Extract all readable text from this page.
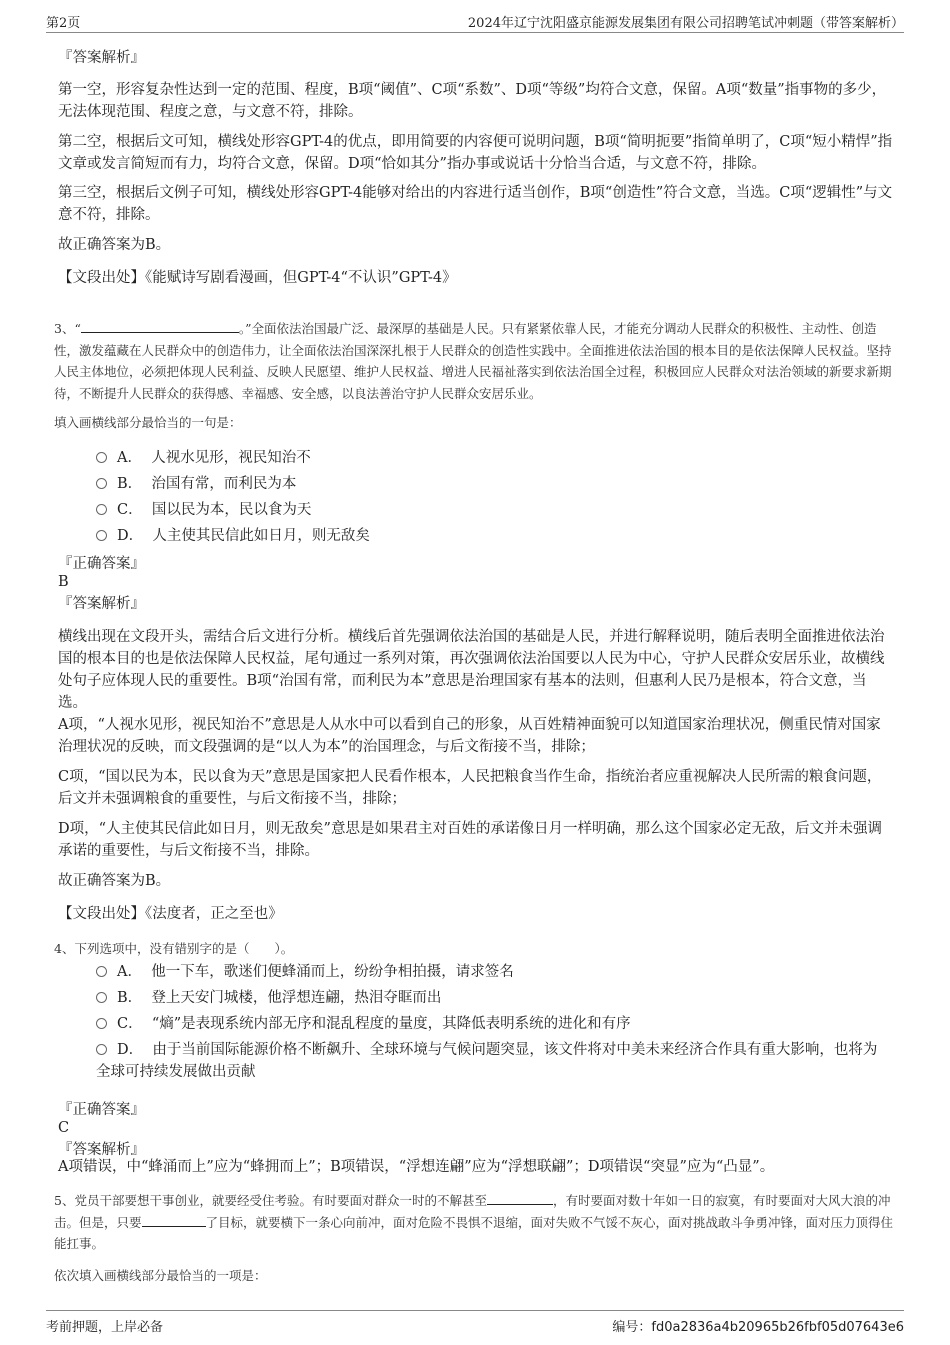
第2页	2024年辽宁沈阳盛京能源发展集团有限公司招聘笔试冲刺题（带答案解析）

『答案解析』

第一空，形容复杂性达到一定的范围、程度，B项“阈值”、C项“系数”、D项“等级”均符合文意，保留。A项“数量”指事物的多少，无法体现范围、程度之意，与文意不符，排除。

第二空，根据后文可知，横线处形容GPT-4的优点，即用简要的内容便可说明问题，B项“简明扼要”指简单明了，C项“短小精悍”指文章或发言简短而有力，均符合文意，保留。D项“恰如其分”指办事或说话十分恰当合适，与文意不符，排除。

第三空，根据后文例子可知，横线处形容GPT-4能够对给出的内容进行适当创作，B项“创造性”符合文意，当选。C项“逻辑性”与文意不符，排除。

故正确答案为B。

【文段出处】《能赋诗写剧看漫画，但GPT-4“不认识”GPT-4》

3、“	。”全面依法治国最广泛、最深厚的基础是人民。只有紧紧依靠人民，才能充分调动人民群众的积极性、主动性、创造性，激发蕴藏在人民群众中的创造伟力，让全面依法治国深深扎根于人民群众的创造性实践中。全面推进依法治国的根本目的是依法保障人民权益。坚持人民主体地位，必须把体现人民利益、反映人民愿望、维护人民权益、增进人民福祉落实到依法治国全过程，积极回应人民群众对法治领域的新要求新期待，不断提升人民群众的获得感、幸福感、安全感，以良法善治守护人民群众安居乐业。

填入画横线部分最恰当的一句是：

A． 人视水见形，视民知治不
B． 治国有常，而利民为本
C． 国以民为本，民以食为天
D． 人主使其民信此如日月，则无敌矣

『正确答案』

B

『答案解析』

横线出现在文段开头，需结合后文进行分析。横线后首先强调依法治国的基础是人民，并进行解释说明，随后表明全面推进依法治国的根本目的也是依法保障人民权益，尾句通过一系列对策，再次强调依法治国要以人民为中心，守护人民群众安居乐业，故横线处句子应体现人民的重要性。B项“治国有常，而利民为本”意思是治理国家有基本的法则，但惠利人民乃是根本，符合文意，当选。

A项，“人视水见形，视民知治不”意思是人从水中可以看到自己的形象，从百姓精神面貌可以知道国家治理状况，侧重民情对国家治理状况的反映，而文段强调的是“以人为本”的治国理念，与后文衔接不当，排除；

C项，“国以民为本，民以食为天”意思是国家把人民看作根本，人民把粮食当作生命，指统治者应重视解决人民所需的粮食问题，后文并未强调粮食的重要性，与后文衔接不当，排除；

D项，“人主使其民信此如日月，则无敌矣”意思是如果君主对百姓的承诺像日月一样明确，那么这个国家必定无敌，后文并未强调承诺的重要性，与后文衔接不当，排除。

故正确答案为B。

【文段出处】《法度者，正之至也》

4、下列选项中，没有错别字的是（　　）。

A． 他一下车，歌迷们便蜂涌而上，纷纷争相拍摄，请求签名
B． 登上天安门城楼，他浮想连翩，热泪夺眶而出
C． “熵”是表现系统内部无序和混乱程度的量度，其降低表明系统的进化和有序
D． 由于当前国际能源价格不断飙升、全球环境与气候问题突显，该文件将对中美未来经济合作具有重大影响，也将为全球可持续发展做出贡献

『正确答案』

C

『答案解析』

A项错误，中“蜂涌而上”应为“蜂拥而上”；B项错误，“浮想连翩”应为“浮想联翩”；D项错误“突显”应为“凸显”。

5、党员干部要想干事创业，就要经受住考验。有时要面对群众一时的不解甚至	，有时要面对数十年如一日的寂寞，有时要面对大风大浪的冲击。但是，只要	了目标，就要横下一条心向前冲，面对危险不畏惧不退缩，面对失败不气馁不灰心，面对挑战敢斗争勇冲锋，面对压力顶得住能扛事。

依次填入画横线部分最恰当的一项是：

考前押题，上岸必备	编号：fd0a2836a4b20965b26fbf05d07643e6
